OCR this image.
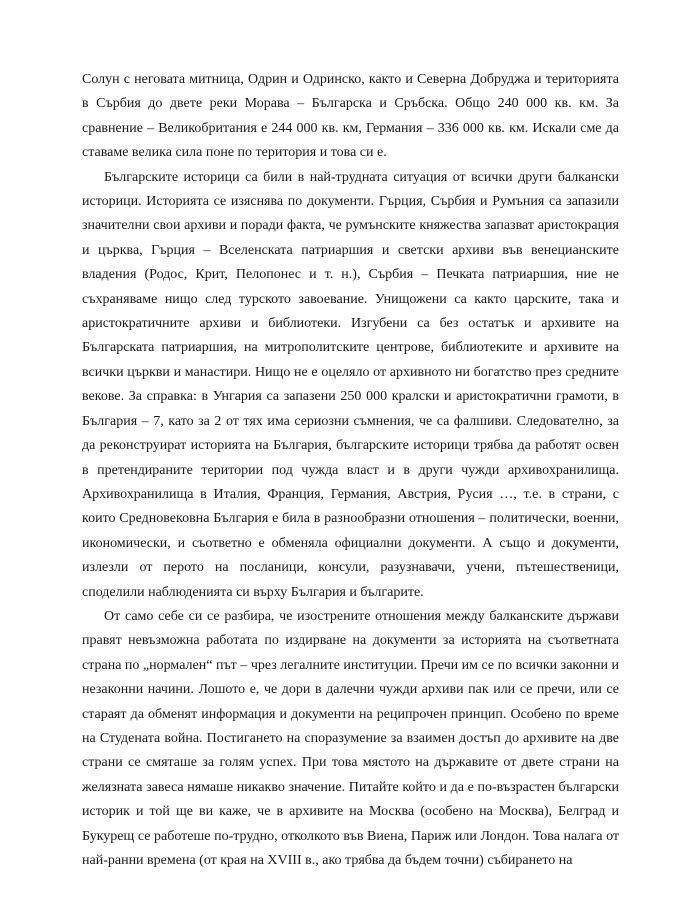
Солун с неговата митница, Одрин и Одринско, както и Северна Добруджа и територията в Сърбия до двете реки Морава – Българска и Сръбска. Общо 240 000 кв. км. За сравнение – Великобритания е 244 000 кв. км, Германия – 336 000 кв. км. Искали сме да ставаме велика сила поне по територия и това си е.

Българските историци са били в най-трудната ситуация от всички други балкански историци. Историята се изяснява по документи. Гърция, Сърбия и Румъния са запазили значителни свои архиви и поради факта, че румънските княжества запазват аристокрация и църква, Гърция – Вселенската патриаршия и светски архиви във венецианските владения (Родос, Крит, Пелопонес и т. н.), Сърбия – Печката патриаршия, ние не съхраняваме нищо след турското завоевание. Унищожени са както царските, така и аристократичните архиви и библиотеки. Изгубени са без остатък и архивите на Българската патриаршия, на митрополитските центрове, библиотеките и архивите на всички църкви и манастири. Нищо не е оцеляло от архивното ни богатство през средните векове. За справка: в Унгария са запазени 250 000 кралски и аристократични грамоти, в България – 7, като за 2 от тях има сериозни съмнения, че са фалшиви. Следователно, за да реконструират историята на България, българските историци трябва да работят освен в претендираните територии под чужда власт и в други чужди архивохранилища. Архивохранилища в Италия, Франция, Германия, Австрия, Русия …, т.е. в страни, с които Средновековна България е била в разнообразни отношения – политически, военни, икономически, и съответно е обменяла официални документи. А също и документи, излезли от перото на посланици, консули, разузнавачи, учени, пътешественици, споделили наблюденията си върху България и българите.

От само себе си се разбира, че изострените отношения между балканските държави правят невъзможна работата по издирване на документи за историята на съответната страна по „нормален“ път – чрез легалните институции. Пречи им се по всички законни и незаконни начини. Лошото е, че дори в далечни чужди архиви пак или се пречи, или се стараят да обменят информация и документи на реципрочен принцип. Особено по време на Студената война. Постигането на споразумение за взаимен достъп до архивите на две страни се смяташе за голям успех. При това мястото на държавите от двете страни на желязната завеса нямаше никакво значение. Питайте който и да е по-възрастен български историк и той ще ви каже, че в архивите на Москва (особено на Москва), Белград и Букурещ се работеше по-трудно, отколкото във Виена, Париж или Лондон. Това налага от най-ранни времена (от края на XVIII в., ако трябва да бъдем точни) събирането на
